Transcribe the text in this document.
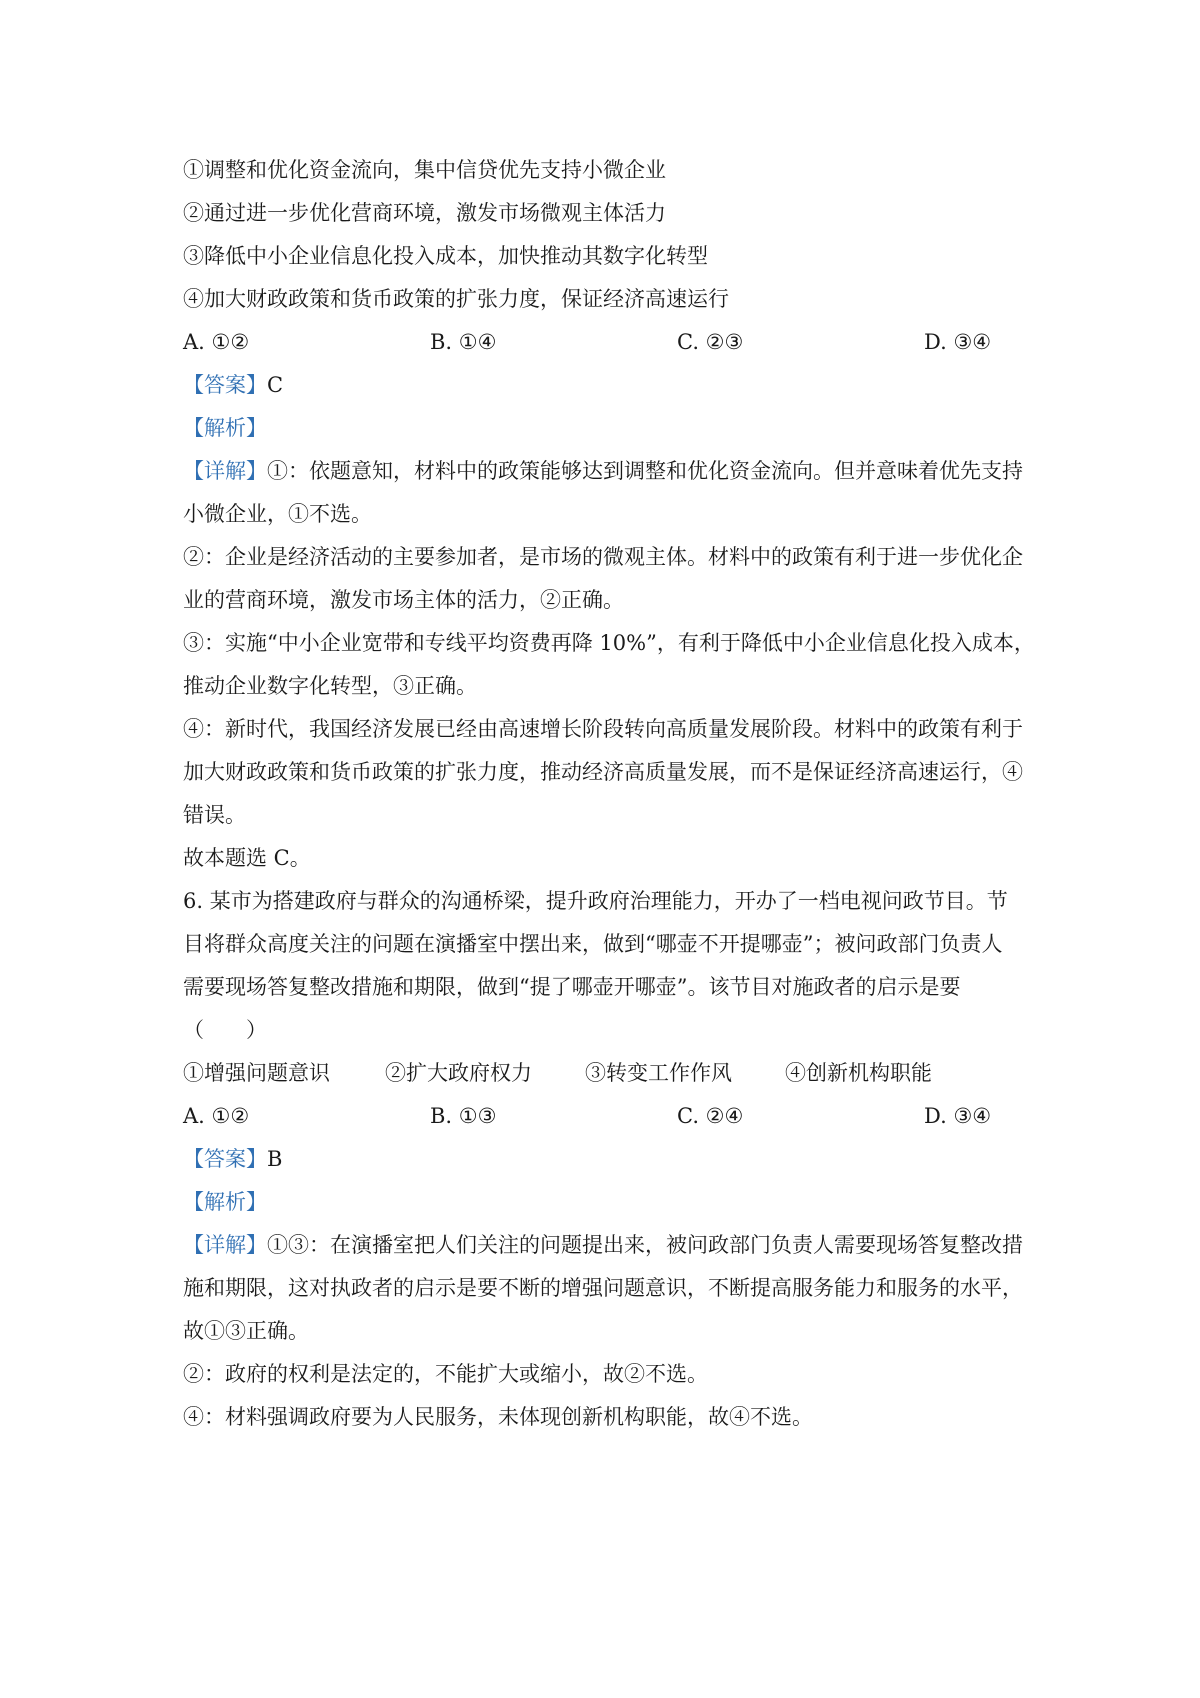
①调整和优化资金流向，集中信贷优先支持小微企业
②通过进一步优化营商环境，激发市场微观主体活力
③降低中小企业信息化投入成本，加快推动其数字化转型
④加大财政政策和货币政策的扩张力度，保证经济高速运行
A. ①②	B. ①④	C. ②③	D. ③④
【答案】C
【解析】
【详解】①：依题意知，材料中的政策能够达到调整和优化资金流向。但并意味着优先支持
小微企业，①不选。
②：企业是经济活动的主要参加者，是市场的微观主体。材料中的政策有利于进一步优化企
业的营商环境，激发市场主体的活力，②正确。
③：实施“中小企业宽带和专线平均资费再降 10%”，有利于降低中小企业信息化投入成本，
推动企业数字化转型，③正确。
④：新时代，我国经济发展已经由高速增长阶段转向高质量发展阶段。材料中的政策有利于
加大财政政策和货币政策的扩张力度，推动经济高质量发展，而不是保证经济高速运行，④
错误。
故本题选 C。
6. 某市为搭建政府与群众的沟通桥梁，提升政府治理能力，开办了一档电视问政节目。节
目将群众高度关注的问题在演播室中摆出来，做到“哪壶不开提哪壶”；被问政部门负责人
需要现场答复整改措施和期限，做到“提了哪壶开哪壶”。该节目对施政者的启示是要
（　　）
①增强问题意识	②扩大政府权力	③转变工作作风	④创新机构职能
A. ①②	B. ①③	C. ②④	D. ③④
【答案】B
【解析】
【详解】①③：在演播室把人们关注的问题提出来，被问政部门负责人需要现场答复整改措
施和期限，这对执政者的启示是要不断的增强问题意识，不断提高服务能力和服务的水平，
故①③正确。
②：政府的权利是法定的，不能扩大或缩小，故②不选。
④：材料强调政府要为人民服务，未体现创新机构职能，故④不选。
